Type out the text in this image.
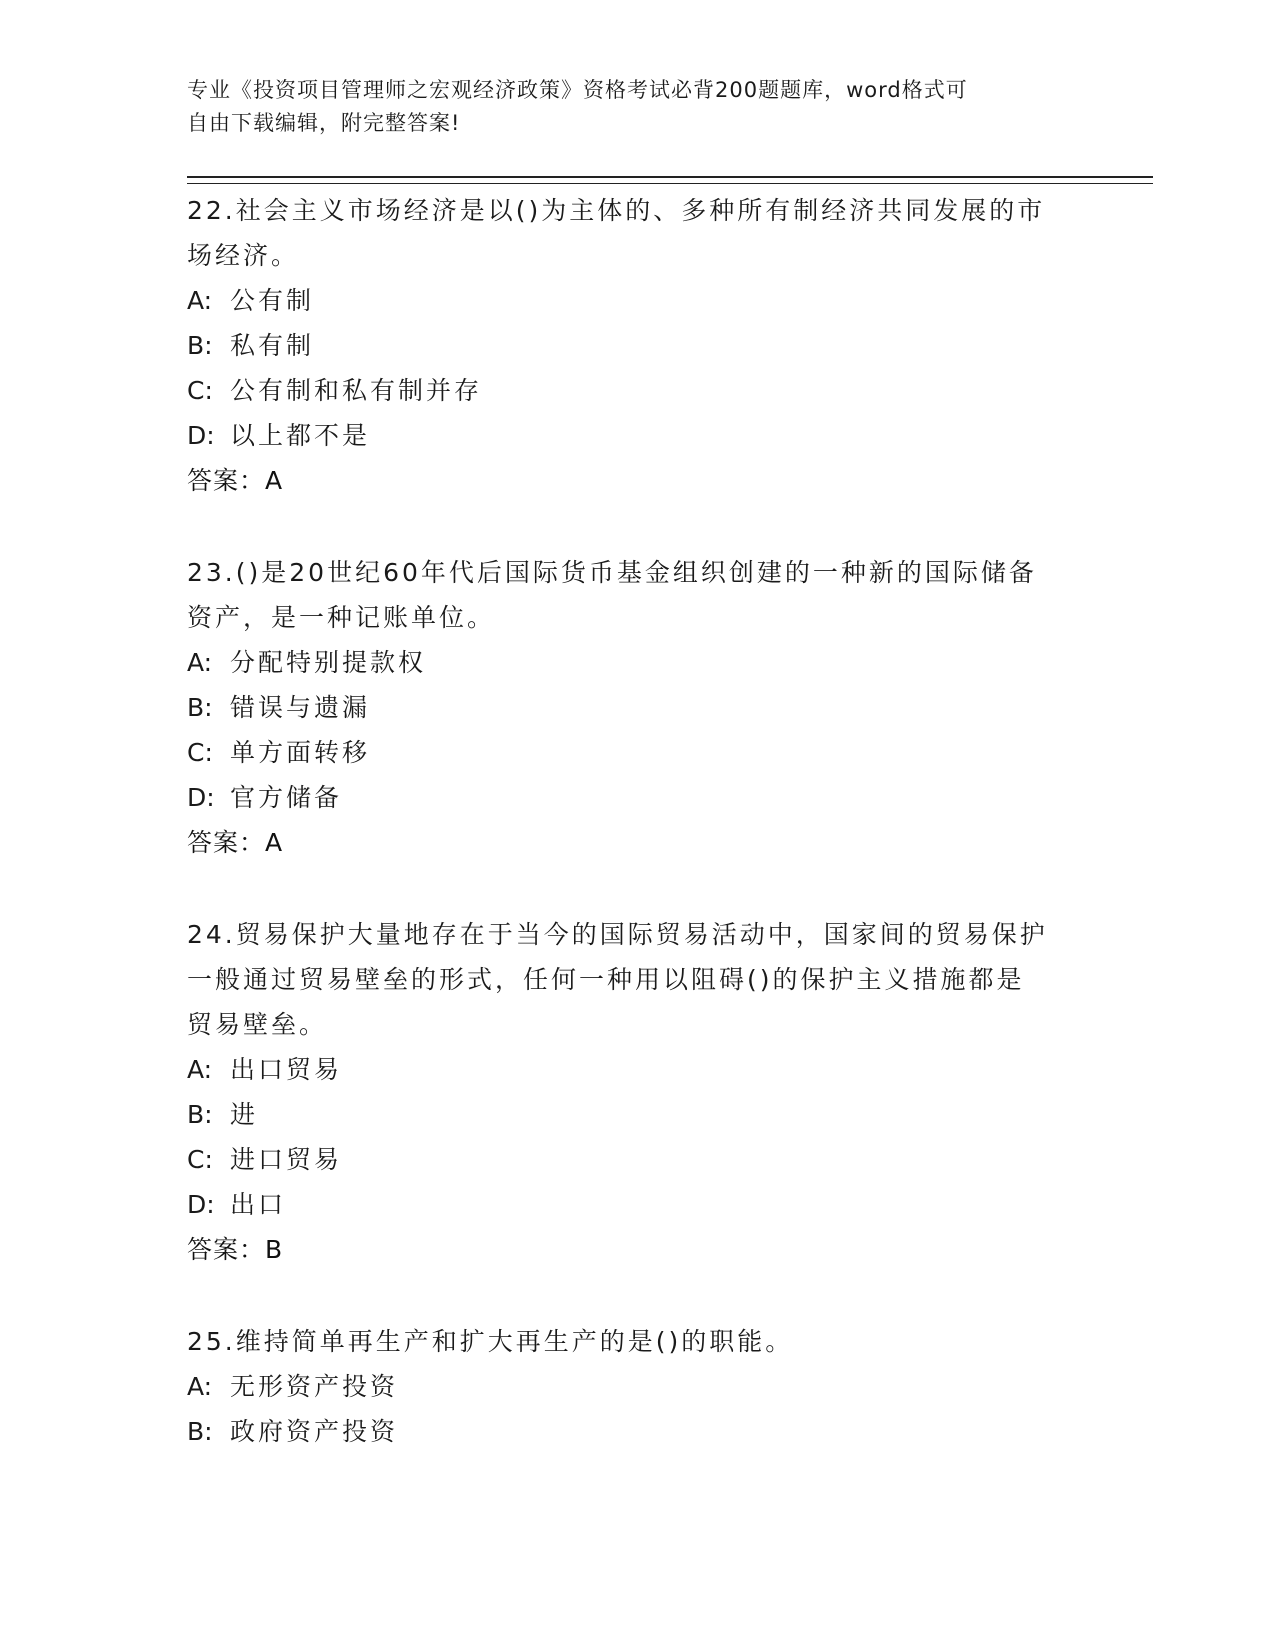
专业《投资项目管理师之宏观经济政策》资格考试必背200题题库，word格式可
自由下载编辑，附完整答案!
22.社会主义市场经济是以()为主体的、多种所有制经济共同发展的市
场经济。
A: 公有制
B: 私有制
C: 公有制和私有制并存
D: 以上都不是
答案：A
23.()是20世纪60年代后国际货币基金组织创建的一种新的国际储备
资产，是一种记账单位。
A: 分配特别提款权
B: 错误与遗漏
C: 单方面转移
D: 官方储备
答案：A
24.贸易保护大量地存在于当今的国际贸易活动中，国家间的贸易保护
一般通过贸易壁垒的形式，任何一种用以阻碍()的保护主义措施都是
贸易壁垒。
A: 出口贸易
B: 进
C: 进口贸易
D: 出口
答案：B
25.维持简单再生产和扩大再生产的是()的职能。
A: 无形资产投资
B: 政府资产投资
